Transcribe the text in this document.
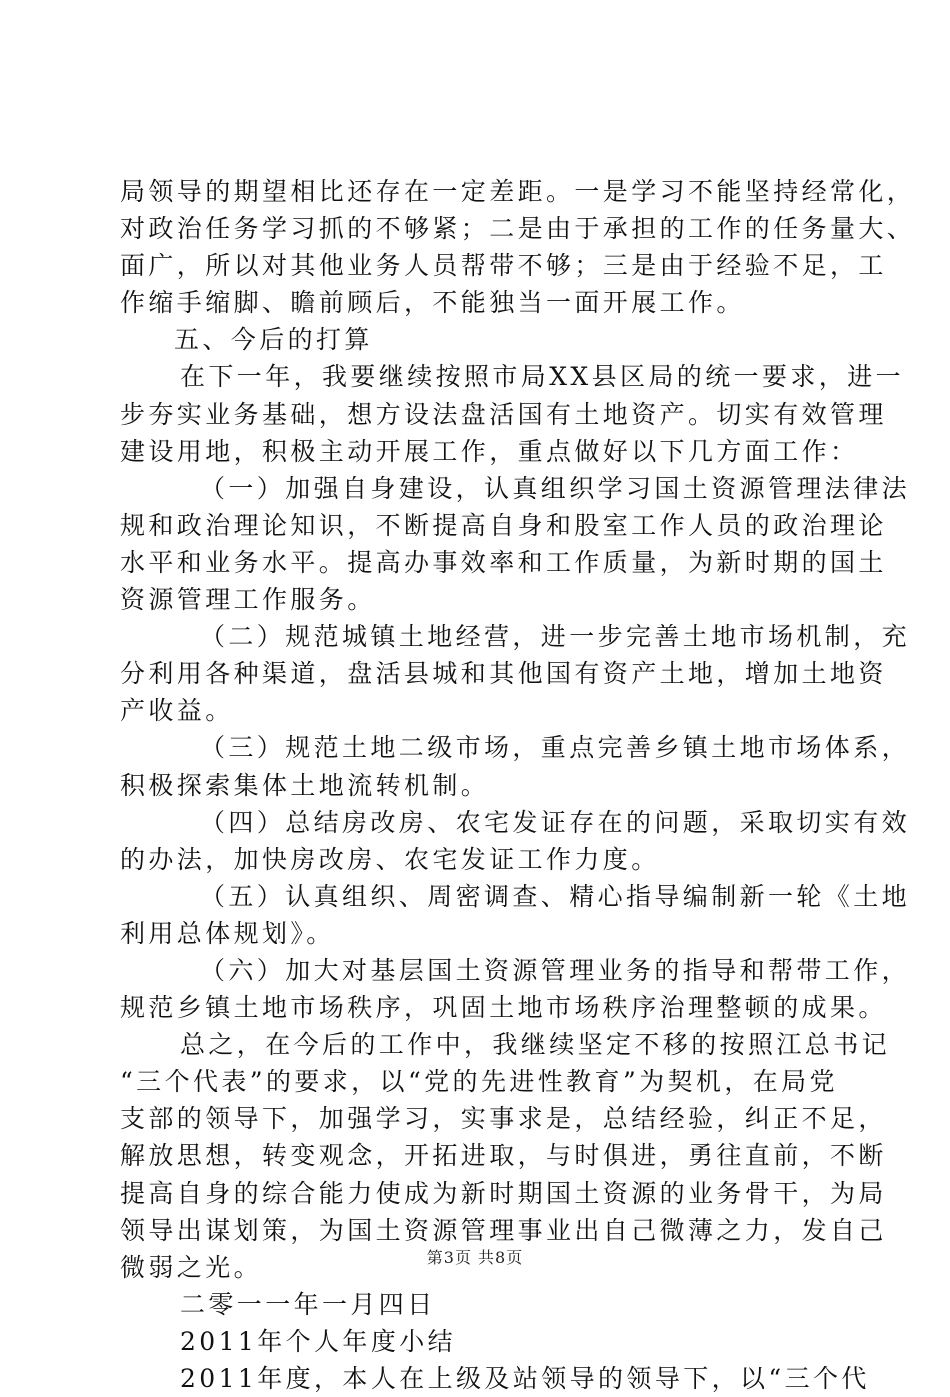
局领导的期望相比还存在一定差距。一是学习不能坚持经常化，
对政治任务学习抓的不够紧；二是由于承担的工作的任务量大、
面广，所以对其他业务人员帮带不够；三是由于经验不足，工
作缩手缩脚、瞻前顾后，不能独当一面开展工作。
五、今后的打算
在下一年，我要继续按照市局XX县区局的统一要求，进一
步夯实业务基础，想方设法盘活国有土地资产。切实有效管理
建设用地，积极主动开展工作，重点做好以下几方面工作：
（一）加强自身建设，认真组织学习国土资源管理法律法
规和政治理论知识，不断提高自身和股室工作人员的政治理论
水平和业务水平。提高办事效率和工作质量，为新时期的国土
资源管理工作服务。
（二）规范城镇土地经营，进一步完善土地市场机制，充
分利用各种渠道，盘活县城和其他国有资产土地，增加土地资
产收益。
（三）规范土地二级市场，重点完善乡镇土地市场体系，
积极探索集体土地流转机制。
（四）总结房改房、农宅发证存在的问题，采取切实有效
的办法，加快房改房、农宅发证工作力度。
（五）认真组织、周密调查、精心指导编制新一轮《土地
利用总体规划》。
（六）加大对基层国土资源管理业务的指导和帮带工作，
规范乡镇土地市场秩序，巩固土地市场秩序治理整顿的成果。
总之，在今后的工作中，我继续坚定不移的按照江总书记
“三个代表”的要求，以“党的先进性教育”为契机，在局党
支部的领导下，加强学习，实事求是，总结经验，纠正不足，
解放思想，转变观念，开拓进取，与时俱进，勇往直前，不断
提高自身的综合能力使成为新时期国土资源的业务骨干，为局
领导出谋划策，为国土资源管理事业出自己微薄之力，发自己
微弱之光。
二零一一年一月四日
2011年个人年度小结
2011年度，本人在上级及站领导的领导下，以“三个代
第3页 共8页
